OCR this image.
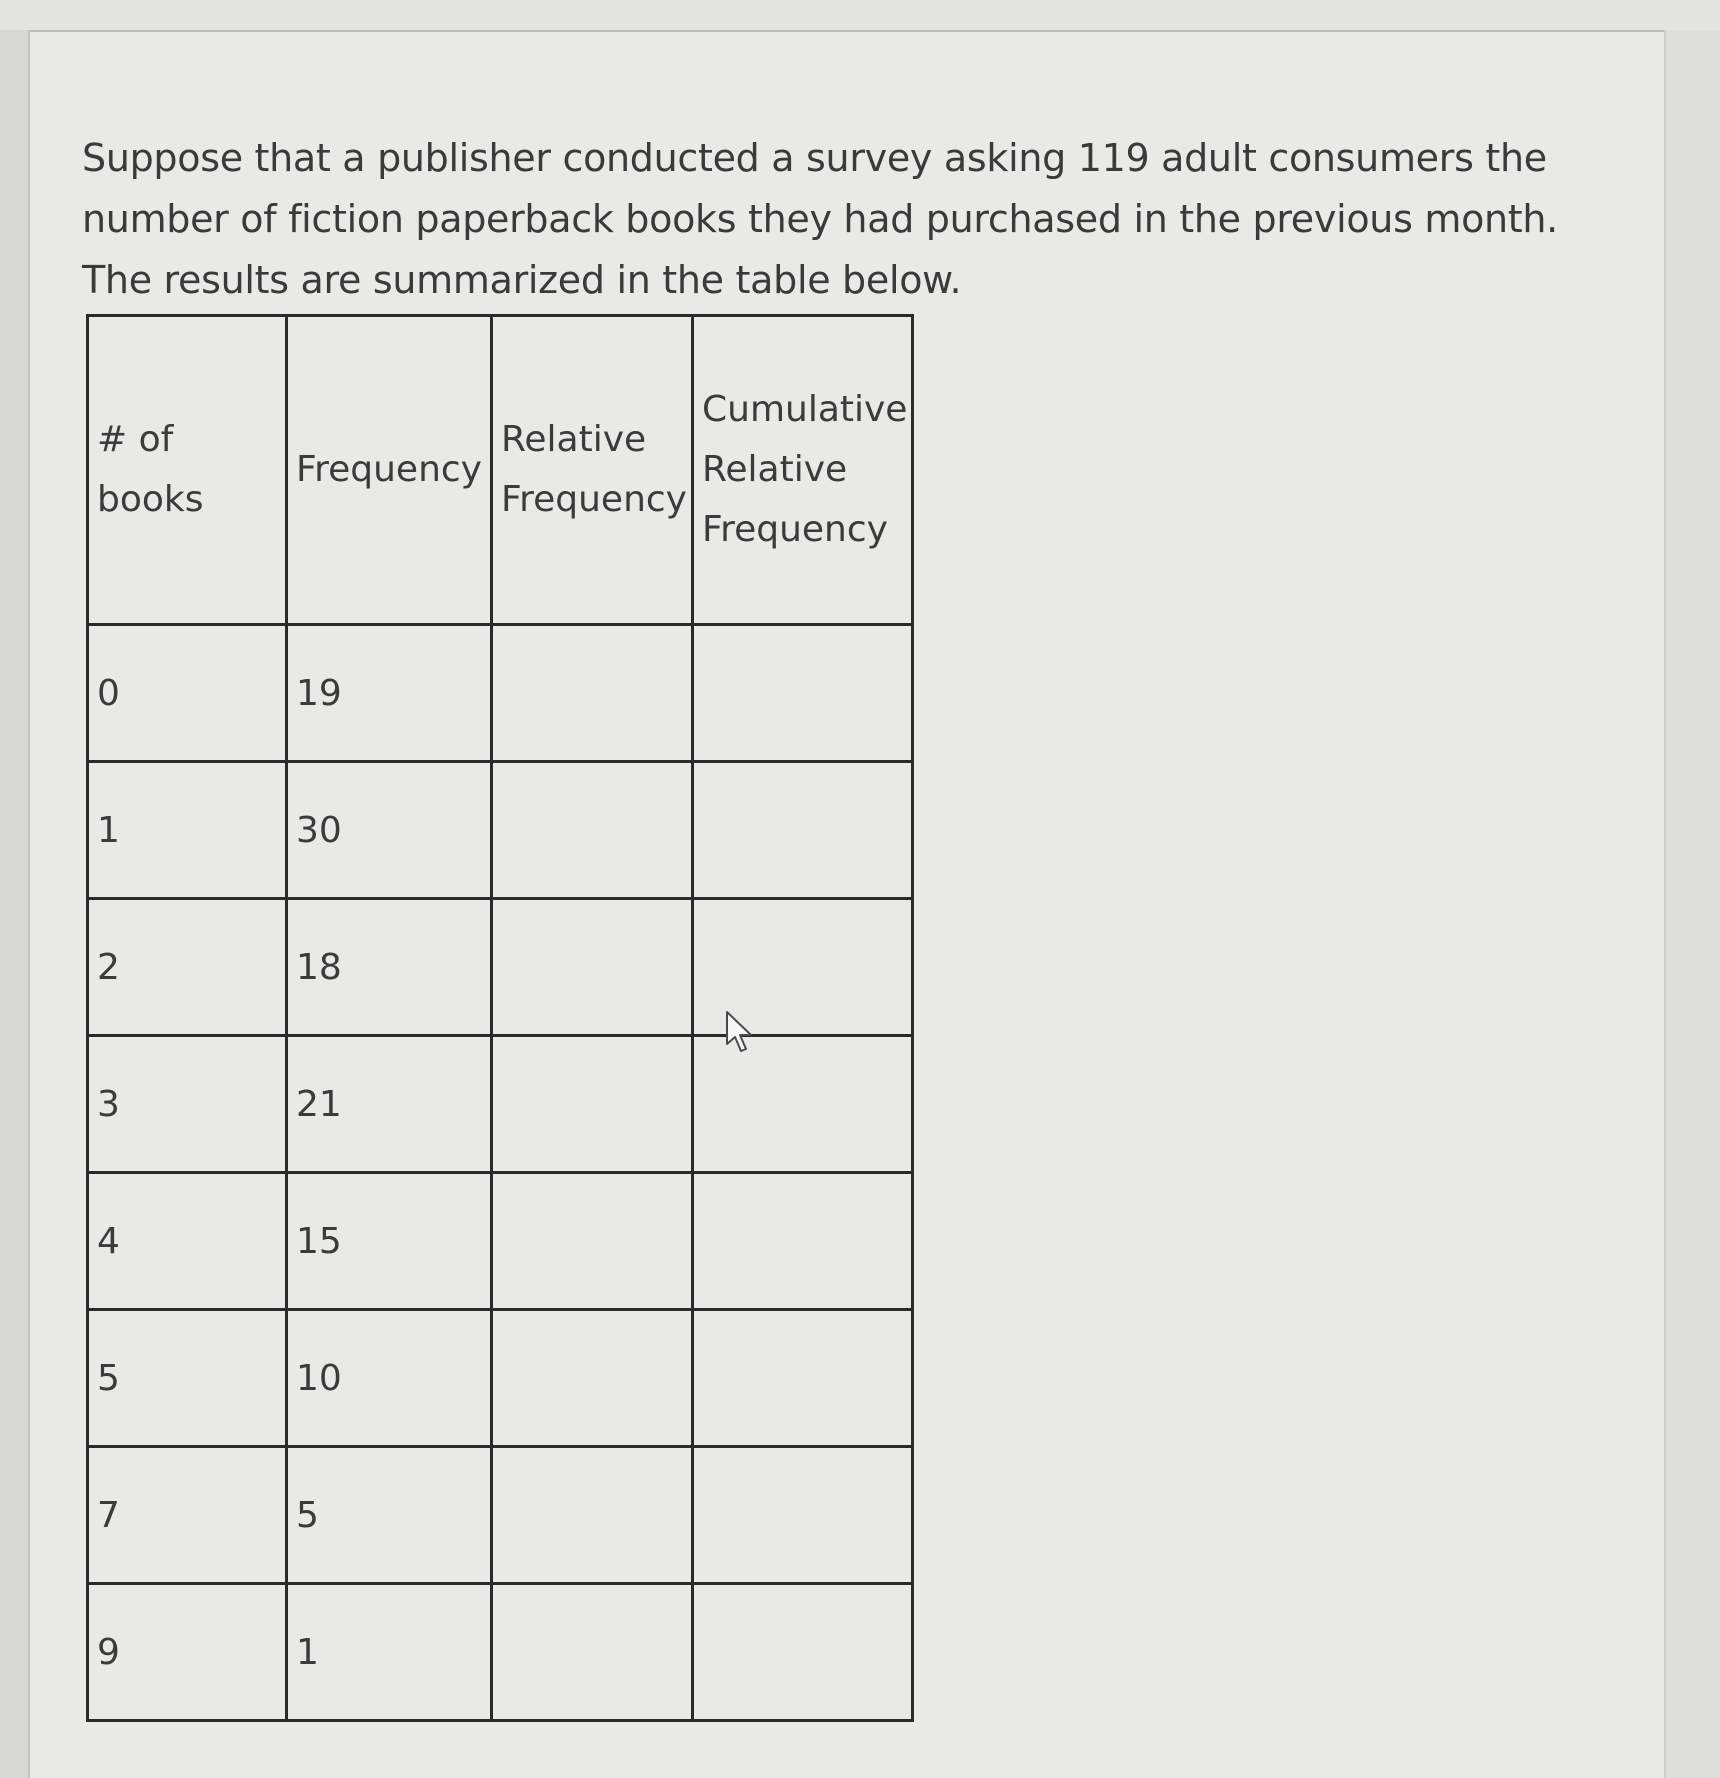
Suppose that a publisher conducted a survey asking 119 adult consumers the number of fiction paperback books they had purchased in the previous month. The results are summarized in the table below.

# of books	Frequency	Relative Frequency	Cumulative Relative Frequency
0	19		
1	30		
2	18		
3	21		
4	15		
5	10		
7	5		
9	1		
